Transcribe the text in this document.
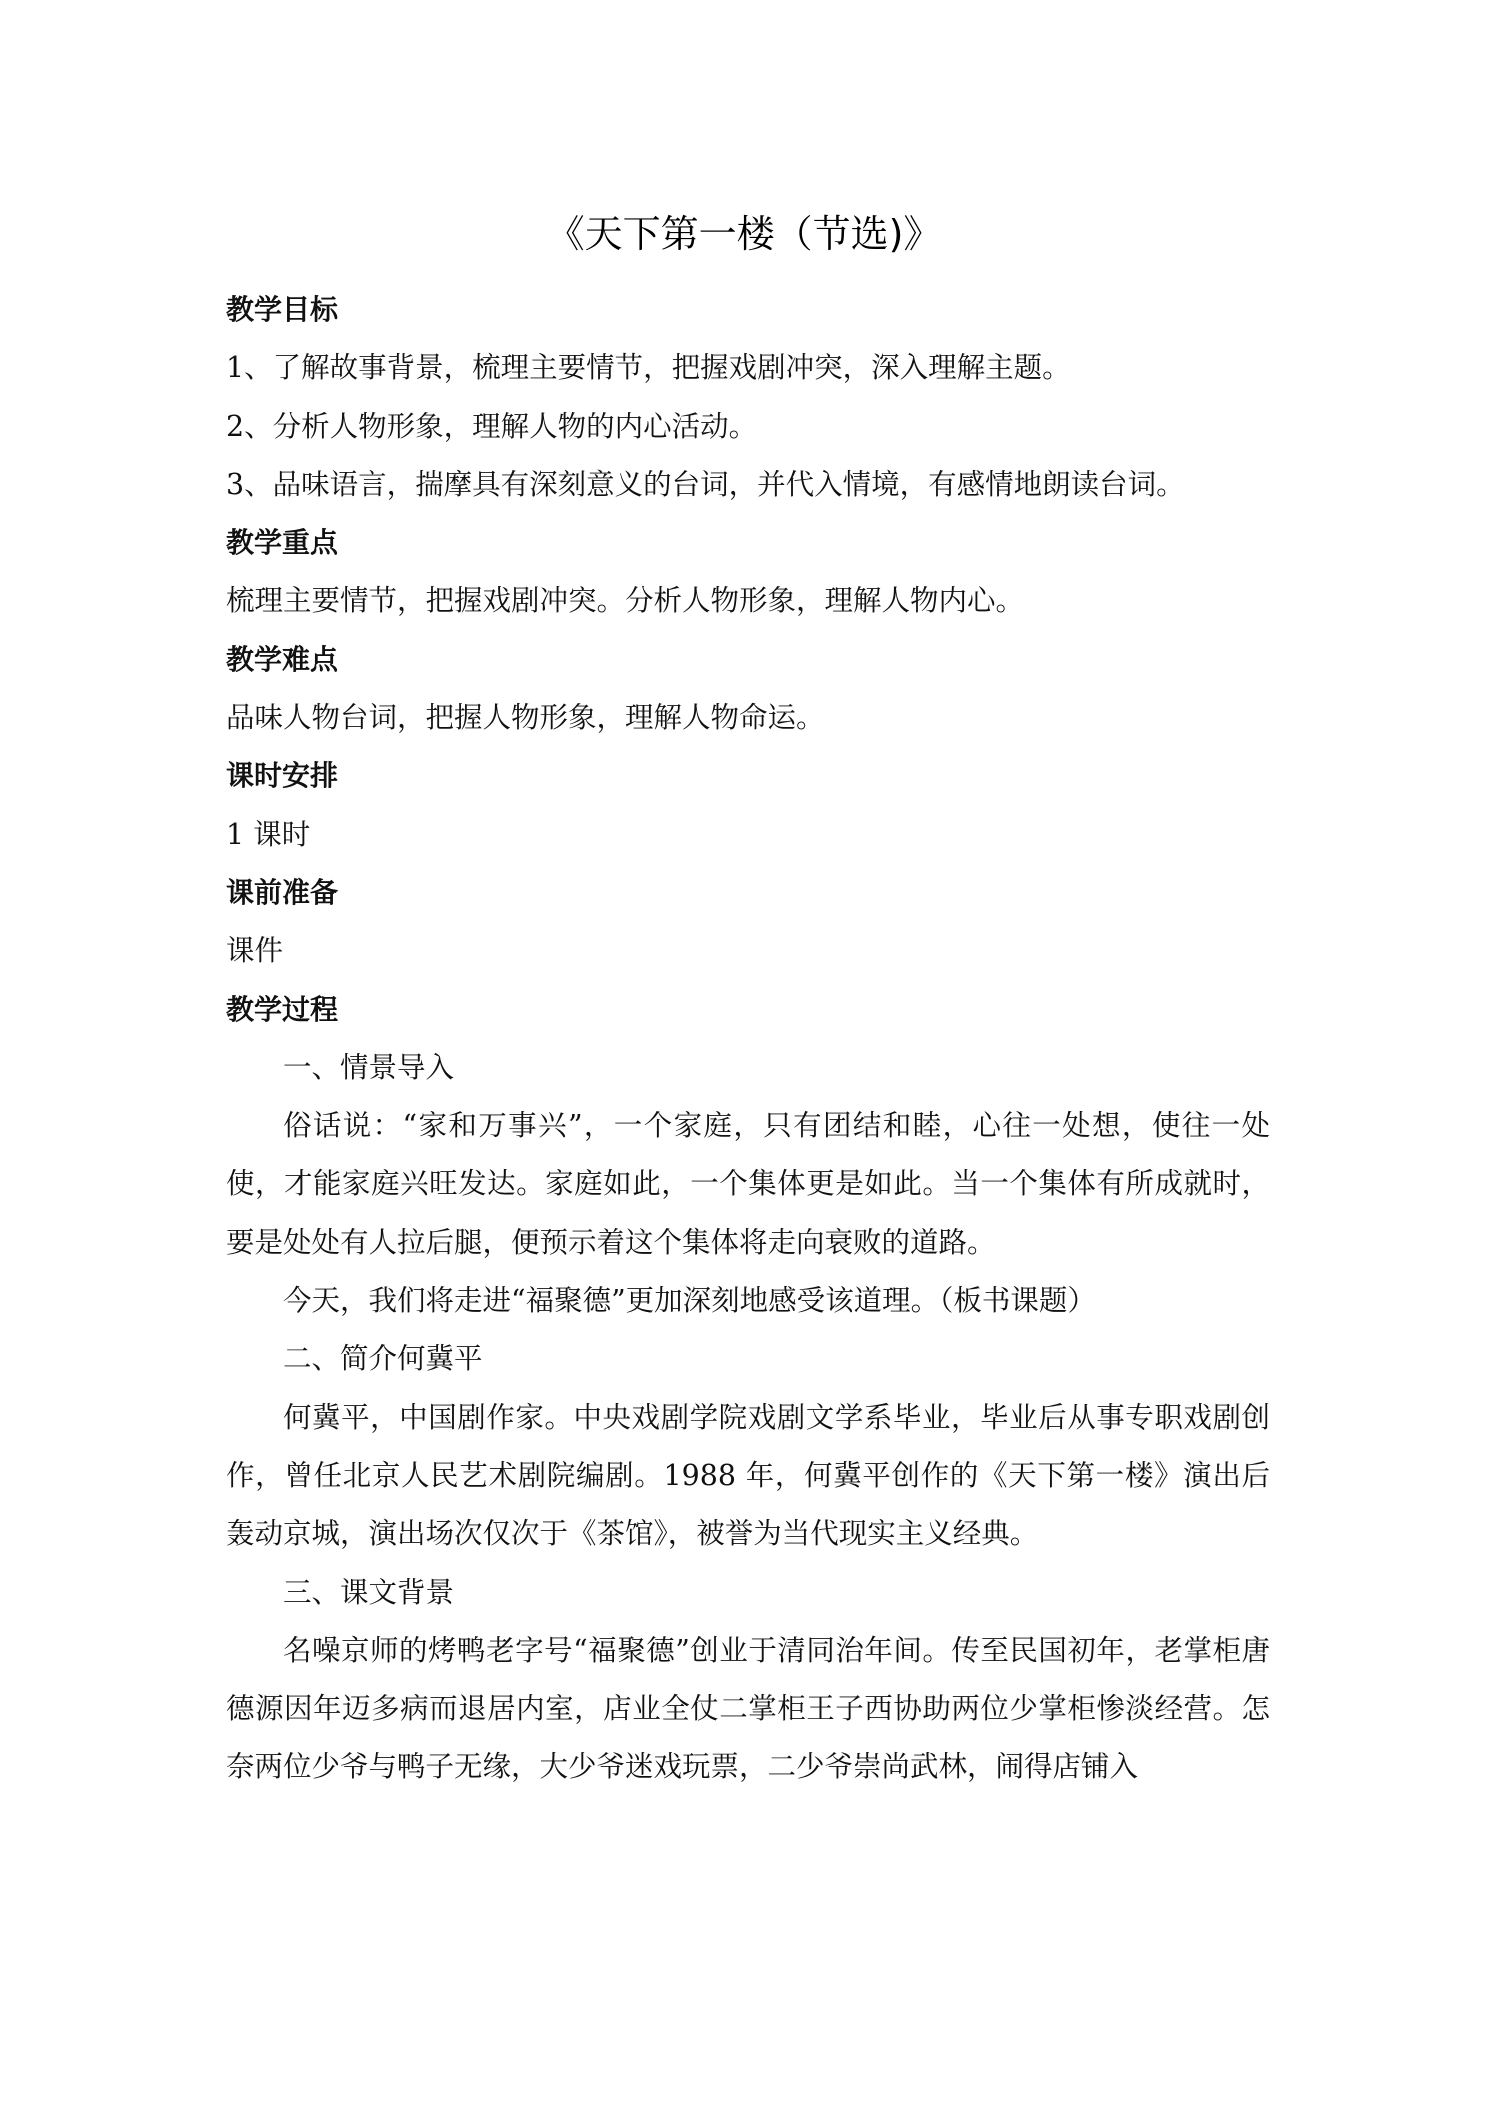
《天下第一楼（节选)》
教学目标
1、了解故事背景，梳理主要情节，把握戏剧冲突，深入理解主题。
2、分析人物形象，理解人物的内心活动。
3、品味语言，揣摩具有深刻意义的台词，并代入情境，有感情地朗读台词。
教学重点
梳理主要情节，把握戏剧冲突。分析人物形象，理解人物内心。
教学难点
品味人物台词，把握人物形象，理解人物命运。
课时安排
1 课时
课前准备
课件
教学过程
一、情景导入
俗话说：“家和万事兴”，一个家庭，只有团结和睦，心往一处想，使往一处使，才能家庭兴旺发达。家庭如此，一个集体更是如此。当一个集体有所成就时，要是处处有人拉后腿，便预示着这个集体将走向衰败的道路。
今天，我们将走进“福聚德”更加深刻地感受该道理。（板书课题）
二、简介何冀平
何冀平，中国剧作家。中央戏剧学院戏剧文学系毕业，毕业后从事专职戏剧创作，曾任北京人民艺术剧院编剧。1988 年，何冀平创作的《天下第一楼》演出后轰动京城，演出场次仅次于《茶馆》，被誉为当代现实主义经典。
三、课文背景
名噪京师的烤鸭老字号“福聚德”创业于清同治年间。传至民国初年，老掌柜唐德源因年迈多病而退居内室，店业全仗二掌柜王子西协助两位少掌柜惨淡经营。怎奈两位少爷与鸭子无缘，大少爷迷戏玩票，二少爷崇尚武林，闹得店铺入
